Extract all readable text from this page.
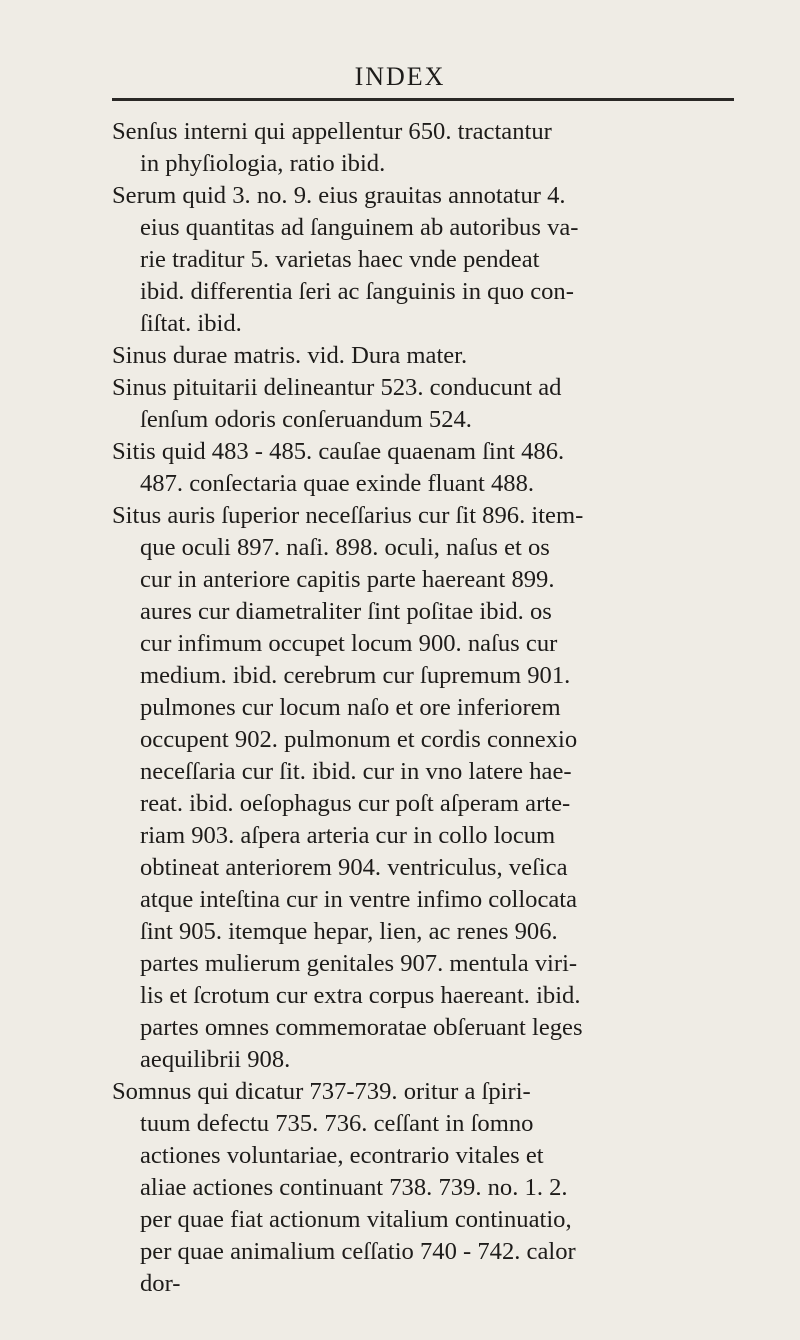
INDEX
Senſus interni qui appellentur 650. tractantur
in phyſiologia, ratio ibid.
Serum quid 3. no. 9. eius grauitas annotatur 4.
eius quantitas ad ſanguinem ab autoribus va-
rie traditur 5. varietas haec vnde pendeat
ibid. differentia ſeri ac ſanguinis in quo con-
ſiſtat. ibid.
Sinus durae matris. vid. Dura mater.
Sinus pituitarii delineantur 523. conducunt ad
ſenſum odoris conſeruandum 524.
Sitis quid 483 - 485. cauſae quaenam ſint 486.
487. conſectaria quae exinde fluant 488.
Situs auris ſuperior neceſſarius cur ſit 896. item-
que oculi 897. naſi. 898. oculi, naſus et os
cur in anteriore capitis parte haereant 899.
aures cur diametraliter ſint poſitae ibid. os
cur infimum occupet locum 900. naſus cur
medium. ibid. cerebrum cur ſupremum 901.
pulmones cur locum naſo et ore inferiorem
occupent 902. pulmonum et cordis connexio
neceſſaria cur ſit. ibid. cur in vno latere hae-
reat. ibid. oeſophagus cur poſt aſperam arte-
riam 903. aſpera arteria cur in collo locum
obtineat anteriorem 904. ventriculus, veſica
atque inteſtina cur in ventre infimo collocata
ſint 905. itemque hepar, lien, ac renes 906.
partes mulierum genitales 907. mentula viri-
lis et ſcrotum cur extra corpus haereant. ibid.
partes omnes commemoratae obſeruant leges
aequilibrii 908.
Somnus qui dicatur 737-739. oritur a ſpiri-
tuum defectu 735. 736. ceſſant in ſomno
actiones voluntariae, econtrario vitales et
aliae actiones continuant 738. 739. no. 1. 2.
per quae fiat actionum vitalium continuatio,
per quae animalium ceſſatio 740 - 742. calor
dor-
